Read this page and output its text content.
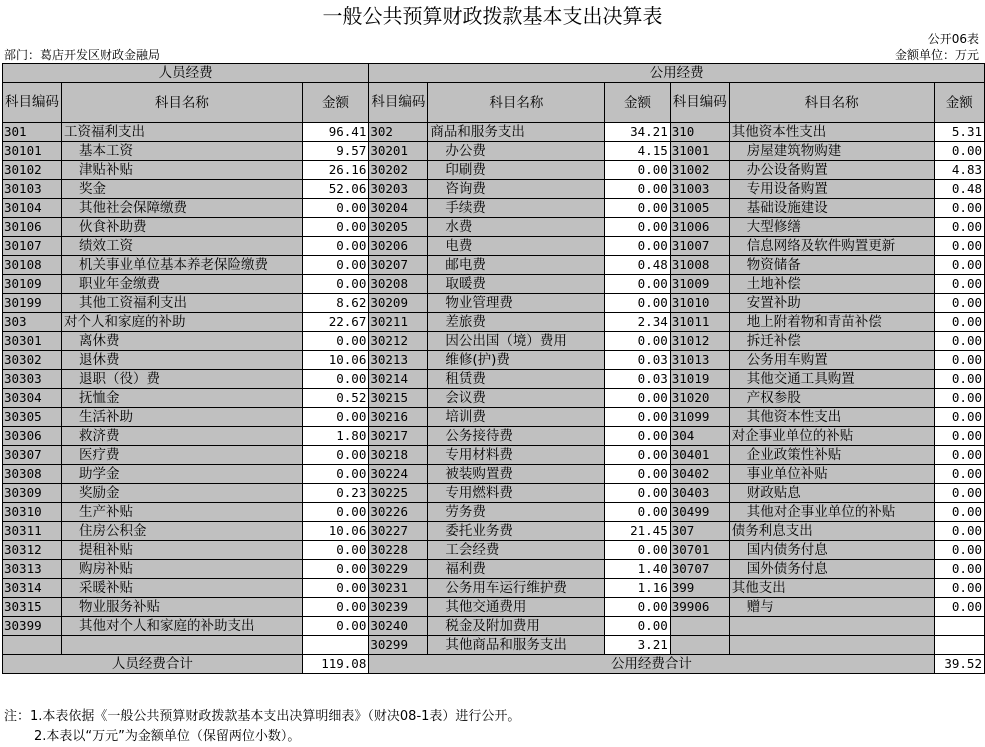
一般公共预算财政拨款基本支出决算表
公开06表
部门：葛店开发区财政金融局	金额单位：万元
人员经费			公用经费					
科目编码	科目名称	金额	科目编码	科目名称	金额	科目编码	科目名称	金额
301	工资福利支出	96.41	302	商品和服务支出	34.21	310	其他资本性支出	5.31
30101	基本工资	9.57	30201	办公费	4.15	31001	房屋建筑物购建	0.00
30102	津贴补贴	26.16	30202	印刷费	0.00	31002	办公设备购置	4.83
30103	奖金	52.06	30203	咨询费	0.00	31003	专用设备购置	0.48
30104	其他社会保障缴费	0.00	30204	手续费	0.00	31005	基础设施建设	0.00
30106	伙食补助费	0.00	30205	水费	0.00	31006	大型修缮	0.00
30107	绩效工资	0.00	30206	电费	0.00	31007	信息网络及软件购置更新	0.00
30108	机关事业单位基本养老保险缴费	0.00	30207	邮电费	0.48	31008	物资储备	0.00
30109	职业年金缴费	0.00	30208	取暖费	0.00	31009	土地补偿	0.00
30199	其他工资福利支出	8.62	30209	物业管理费	0.00	31010	安置补助	0.00
303	对个人和家庭的补助	22.67	30211	差旅费	2.34	31011	地上附着物和青苗补偿	0.00
30301	离休费	0.00	30212	因公出国（境）费用	0.00	31012	拆迁补偿	0.00
30302	退休费	10.06	30213	维修(护)费	0.03	31013	公务用车购置	0.00
30303	退职（役）费	0.00	30214	租赁费	0.03	31019	其他交通工具购置	0.00
30304	抚恤金	0.52	30215	会议费	0.00	31020	产权参股	0.00
30305	生活补助	0.00	30216	培训费	0.00	31099	其他资本性支出	0.00
30306	救济费	1.80	30217	公务接待费	0.00	304	对企事业单位的补贴	0.00
30307	医疗费	0.00	30218	专用材料费	0.00	30401	企业政策性补贴	0.00
30308	助学金	0.00	30224	被装购置费	0.00	30402	事业单位补贴	0.00
30309	奖励金	0.23	30225	专用燃料费	0.00	30403	财政贴息	0.00
30310	生产补贴	0.00	30226	劳务费	0.00	30499	其他对企事业单位的补贴	0.00
30311	住房公积金	10.06	30227	委托业务费	21.45	307	债务利息支出	0.00
30312	提租补贴	0.00	30228	工会经费	0.00	30701	国内债务付息	0.00
30313	购房补贴	0.00	30229	福利费	1.40	30707	国外债务付息	0.00
30314	采暖补贴	0.00	30231	公务用车运行维护费	1.16	399	其他支出	0.00
30315	物业服务补贴	0.00	30239	其他交通费用	0.00	39906	赠与	0.00
30399	其他对个人和家庭的补助支出	0.00	30240	税金及附加费用	0.00			
			30299	其他商品和服务支出	3.21			
人员经费合计		119.08	公用经费合计					39.52
注：1.本表依据《一般公共预算财政拨款基本支出决算明细表》（财决08-1表）进行公开。
2.本表以“万元”为金额单位（保留两位小数）。
